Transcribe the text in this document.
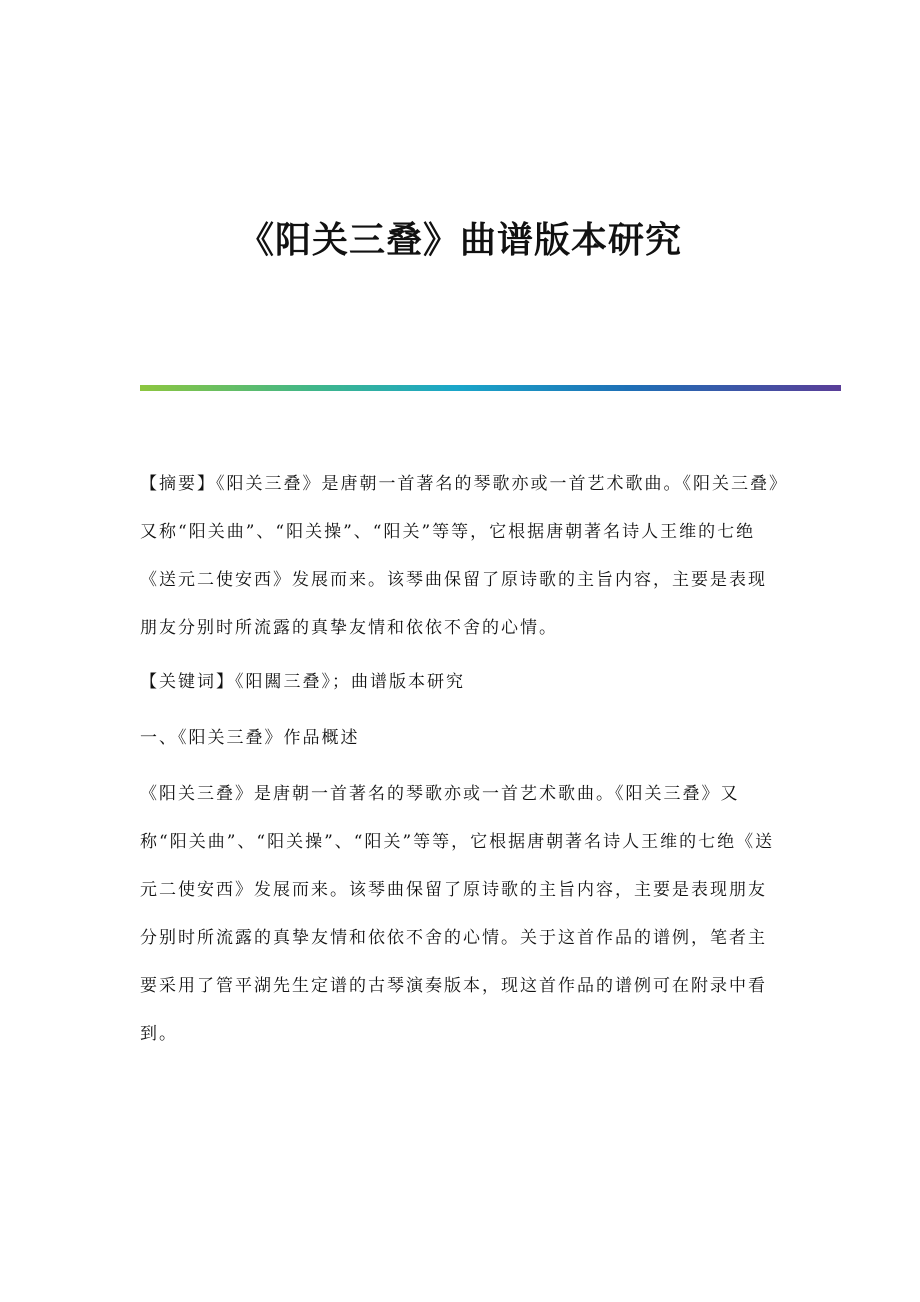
《阳关三叠》曲谱版本研究

【摘要】《阳关三叠》是唐朝一首著名的琴歌亦或一首艺术歌曲。《阳关三叠》又称“阳关曲”、“阳关操”、“阳关”等等，它根据唐朝著名诗人王维的七绝《送元二使安西》发展而来。该琴曲保留了原诗歌的主旨内容，主要是表现朋友分别时所流露的真挚友情和依依不舍的心情。

【关键词】《阳闗三叠》；曲谱版本研究

一、《阳关三叠》作品概述

《阳关三叠》是唐朝一首著名的琴歌亦或一首艺术歌曲。《阳关三叠》又称“阳关曲”、“阳关操”、“阳关”等等，它根据唐朝著名诗人王维的七绝《送元二使安西》发展而来。该琴曲保留了原诗歌的主旨内容，主要是表现朋友分别时所流露的真挚友情和依依不舍的心情。关于这首作品的谱例，笔者主要采用了管平湖先生定谱的古琴演奏版本，现这首作品的谱例可在附录中看到。
